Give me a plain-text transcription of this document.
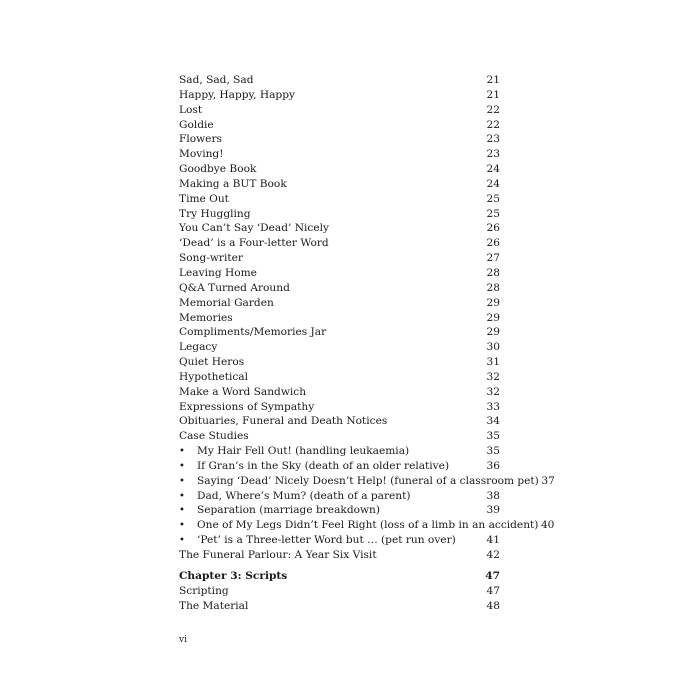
Sad, Sad, Sad	21
Happy, Happy, Happy	21
Lost	22
Goldie	22
Flowers	23
Moving!	23
Goodbye Book	24
Making a BUT Book	24
Time Out	25
Try Huggling	25
You Can’t Say ‘Dead’ Nicely	26
‘Dead’ is a Four-letter Word	26
Song-writer	27
Leaving Home	28
Q&A Turned Around	28
Memorial Garden	29
Memories	29
Compliments/Memories Jar	29
Legacy	30
Quiet Heros	31
Hypothetical	32
Make a Word Sandwich	32
Expressions of Sympathy	33
Obituaries, Funeral and Death Notices	34
Case Studies	35
• My Hair Fell Out! (handling leukaemia)	35
• If Gran’s in the Sky (death of an older relative)	36
• Saying ‘Dead’ Nicely Doesn’t Help! (funeral of a classroom pet) 37
• Dad, Where’s Mum? (death of a parent)	38
• Separation (marriage breakdown)	39
• One of My Legs Didn’t Feel Right (loss of a limb in an accident) 40
• ‘Pet’ is a Three-letter Word but … (pet run over)	41
The Funeral Parlour: A Year Six Visit	42
Chapter 3: Scripts	47
Scripting	47
The Material	48
vi
